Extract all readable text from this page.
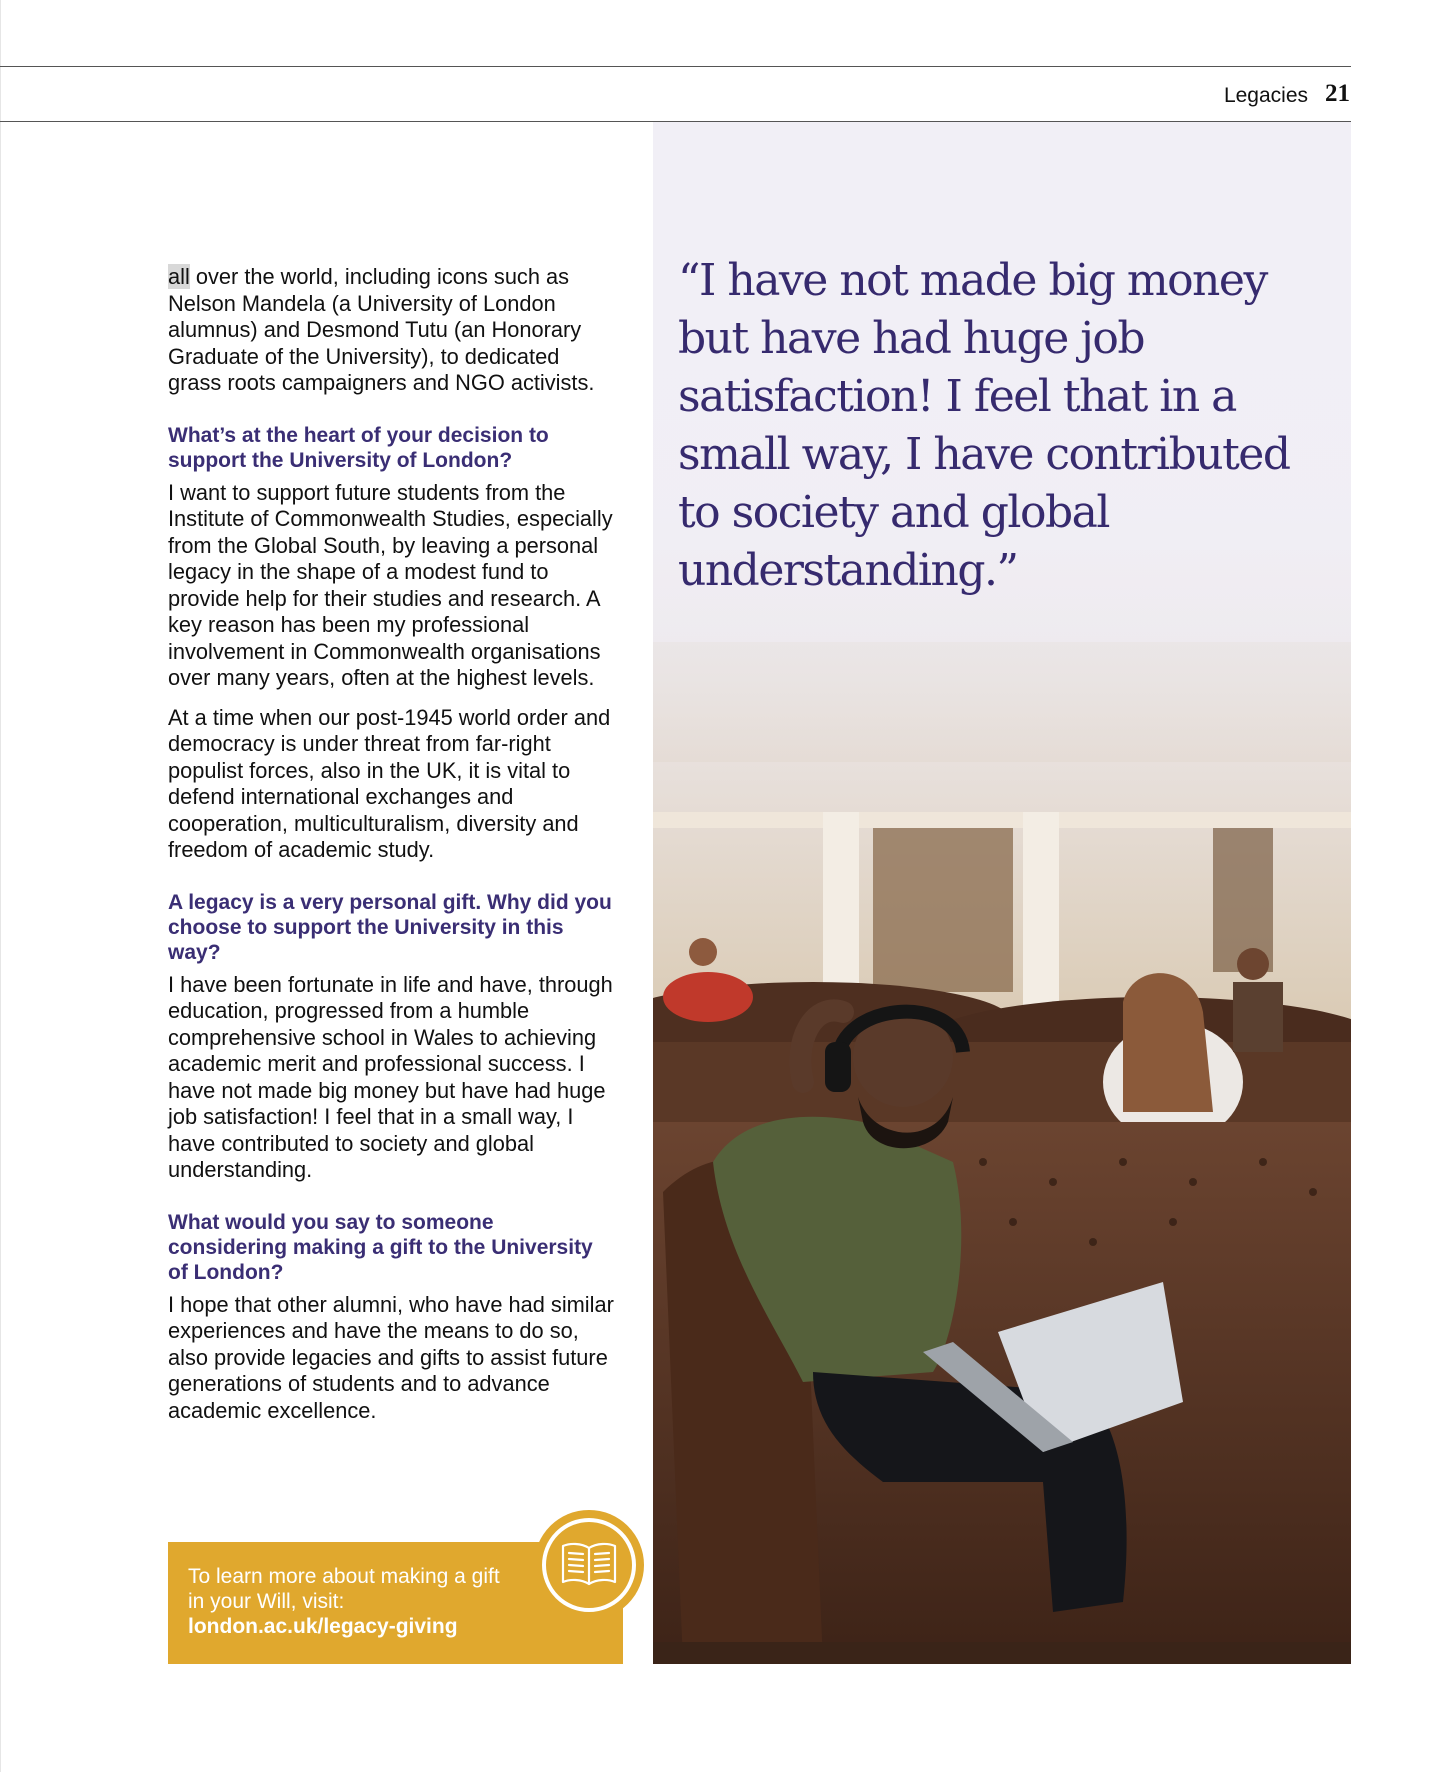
Legacies 21

all over the world, including icons such as Nelson Mandela (a University of London alumnus) and Desmond Tutu (an Honorary Graduate of the University), to dedicated grass roots campaigners and NGO activists.

What’s at the heart of your decision to support the University of London?

I want to support future students from the Institute of Commonwealth Studies, especially from the Global South, by leaving a personal legacy in the shape of a modest fund to provide help for their studies and research. A key reason has been my professional involvement in Commonwealth organisations over many years, often at the highest levels.

At a time when our post-1945 world order and democracy is under threat from far-right populist forces, also in the UK, it is vital to defend international exchanges and cooperation, multiculturalism, diversity and freedom of academic study.

A legacy is a very personal gift. Why did you choose to support the University in this way?

I have been fortunate in life and have, through education, progressed from a humble comprehensive school in Wales to achieving academic merit and professional success. I have not made big money but have had huge job satisfaction! I feel that in a small way, I have contributed to society and global understanding.

What would you say to someone considering making a gift to the University of London?

I hope that other alumni, who have had similar experiences and have the means to do so, also provide legacies and gifts to assist future generations of students and to advance academic excellence.

To learn more about making a gift in your Will, visit:
london.ac.uk/legacy-giving

“I have not made big money but have had huge job satisfaction! I feel that in a small way, I have contributed to society and global understanding.”
